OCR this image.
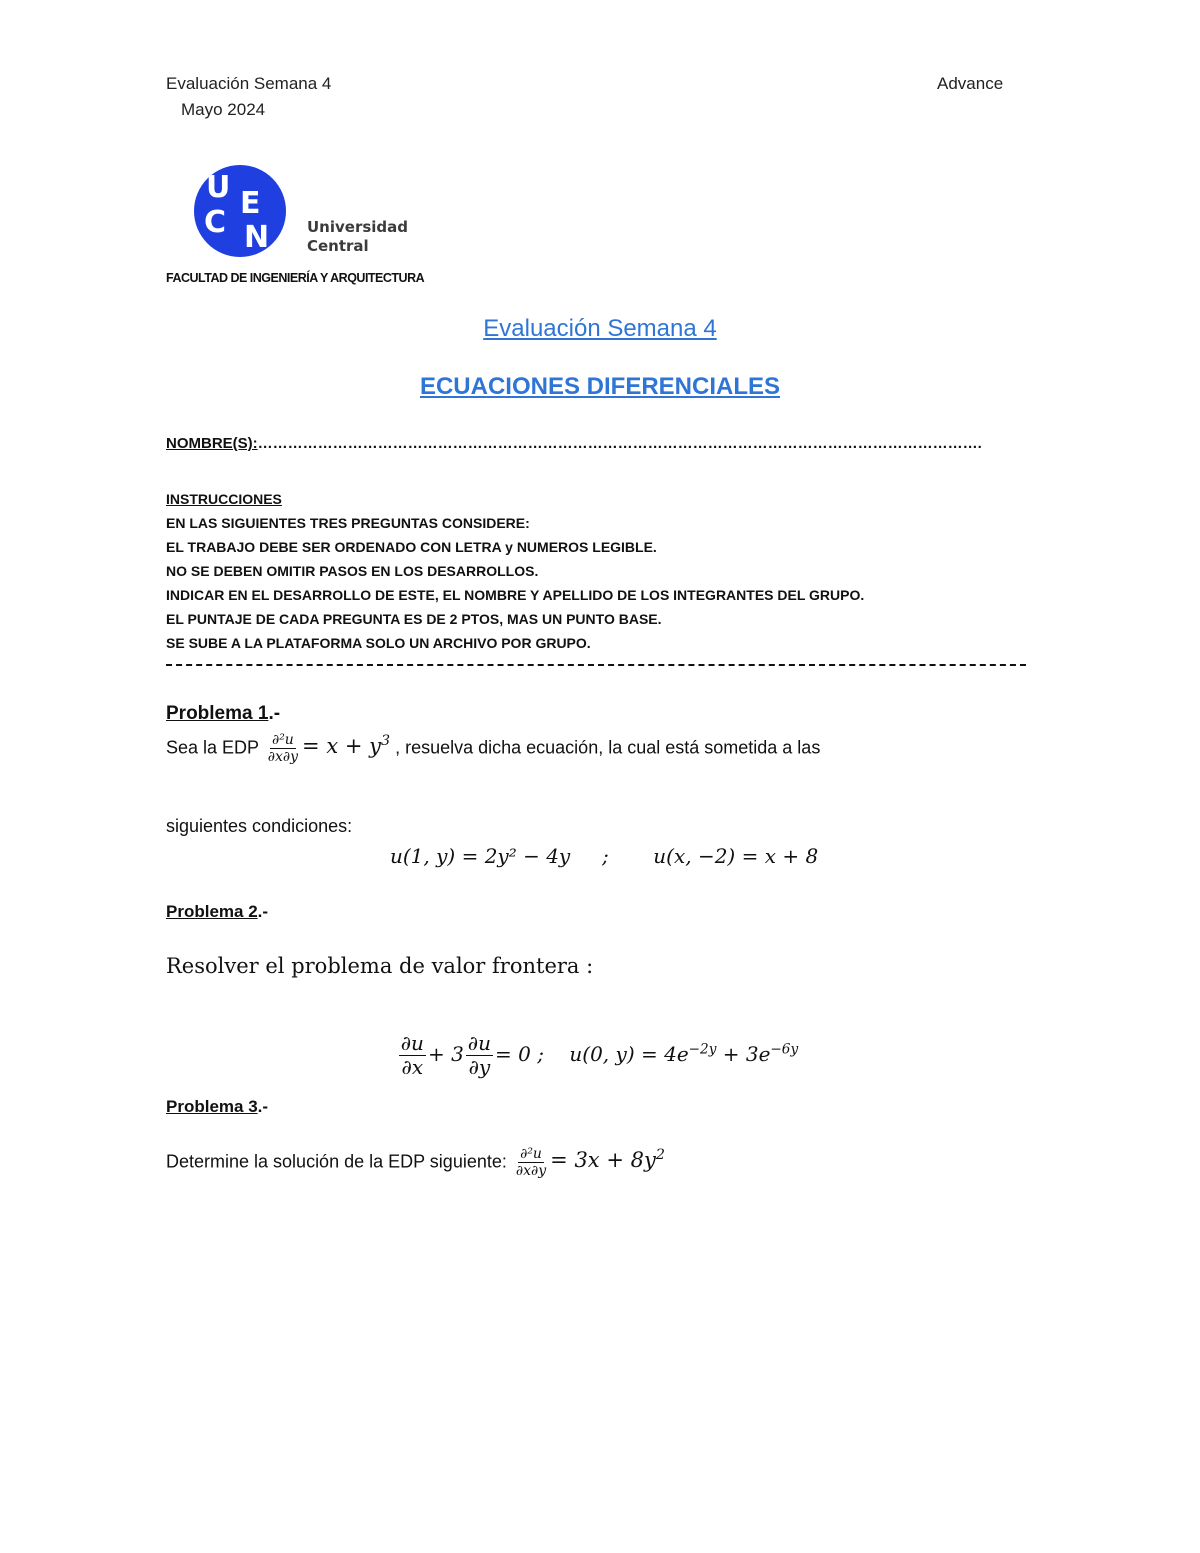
Evaluación Semana 4
Mayo 2024
Advance
U E
C N	Universidad
Central
FACULTAD DE INGENIERÍA Y ARQUITECTURA
Evaluación Semana 4
ECUACIONES DIFERENCIALES
NOMBRE(S):……………………………………………………………………………………………………………………………….
INSTRUCCIONES
EN LAS SIGUIENTES TRES PREGUNTAS CONSIDERE:
EL TRABAJO DEBE SER ORDENADO CON LETRA y NUMEROS LEGIBLE.
NO SE DEBEN OMITIR PASOS EN LOS DESARROLLOS.
INDICAR EN EL DESARROLLO DE ESTE, EL NOMBRE Y APELLIDO DE LOS INTEGRANTES DEL GRUPO.
EL PUNTAJE DE CADA PREGUNTA ES DE 2 PTOS, MAS UN PUNTO BASE.
SE SUBE A LA PLATAFORMA SOLO UN ARCHIVO POR GRUPO.
Problema 1.-
Sea la EDP $\frac{\text{∂²u}}{\partial x\partial y} = x + y^3$ , resuelva dicha ecuación, la cual está sometida a las
siguientes condiciones:
u(1, y) = 2y² − 4y     ;       u(x, −2) = x + 8
Problema 2.-
Resolver el problema de valor frontera :

$\frac{\partial u}{\partial x} + 3 \frac{\partial u}{\partial y} = 0$ ;    u(0, $y) = 4e^{-2y} + 3e^{-6y}$

Problema 3.-
Determine la solución de la EDP siguiente: $\frac{\text{∂²u}}{\partial x\partial y} = 3x + 8y^2$
